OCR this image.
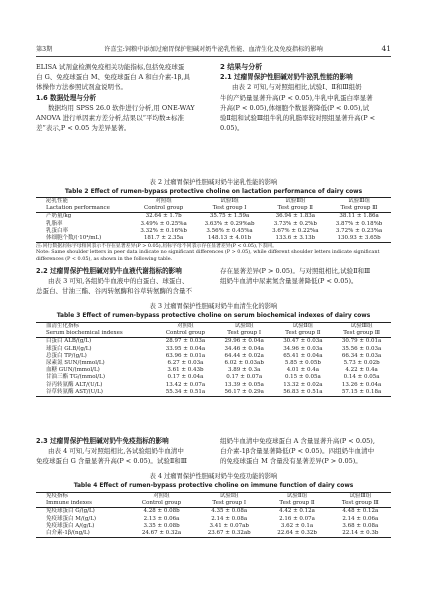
第3期	许喜宝:饲粮中添加过瘤胃保护胆碱对奶牛泌乳性能、血清生化及免疫指标的影响	41

ELISA 试剂盒检测免疫相关功能指标,包括免疫球蛋

白 G、免疫球蛋白 M、免疫球蛋白 A 和白介素-1β,具

体操作方法参照试剂盒说明书。

1.6 数据处理与分析

数据均用 SPSS 26.0 软件进行分析,用 ONE-WAY

ANOVA 进行单因素方差分析,结果以“平均数±标准

差”表示,P < 0.05 为差异显著。

2 结果与分析

2.1 过瘤胃保护性胆碱对奶牛泌乳性能的影响

由表 2 可知,与对照组相比,试验Ⅰ、Ⅱ和Ⅲ组奶

牛的产奶量显著升高(P < 0.05),牛乳中乳蛋白率显著

升高(P < 0.05),体细胞个数显著降低(P < 0.05),试

验Ⅱ组和试验Ⅲ组牛乳的乳脂率较对照组显著升高(P <

0.05)。

表 2 过瘤胃保护性胆碱对奶牛泌乳性能的影响
Table 2 Effect of rumen-bypass protective choline on lactation performance of dairy cows
泌乳性能	对照组	试验Ⅰ组	试验Ⅱ组	试验Ⅲ组
Lactation performance	Control group	Test group Ⅰ	Test group Ⅱ	Test group Ⅲ
产奶量/kg	32.64 ± 1.7b	35.75 ± 1.59a	36.94 ± 1.83a	38.11 ± 1.86a
乳脂率	3.49% ± 0.25%a	3.63% ± 0.29%ab	3.73% ± 0.2%b	3.87% ± 0.18%b
乳蛋白率	3.32% ± 0.16%b	3.56% ± 0.45%a	3.67% ± 0.22%a	3.72% ± 0.23%a
体细胞个数/(·10⁴/mL)	181.7 ± 2.35a	148.13 ± 4.01b	133.6 ± 3.13b	130.93 ± 3.65b
注:同行数据肩标字母相同表示不存在显著差异(P > 0.05),肩标字母不同表示存在显著差异(P < 0.05),下表同。
Note: Same shoulder letters in peer data indicate no significant differences (P > 0.05), while different shoulder letters indicate significant differences (P < 0.05), as shown in the following table.

2.2 过瘤胃保护性胆碱对奶牛血液代谢指标的影响

由表 3 可知,各组奶牛血液中的白蛋白、球蛋白、

总蛋白、甘油三酯、谷丙转氨酶和谷草转氨酶的含量不

存在显著差异(P > 0.05)。与对照组相比,试验Ⅱ和Ⅲ

组奶牛血清中尿素氮含量显著降低(P < 0.05)。

表 3 过瘤胃保护性胆碱对奶牛血清生化的影响
Table 3 Effect of rumen-bypass protective choline on serum biochemical indexes of dairy cows
血清生化指标	对照组	试验Ⅰ组	试验Ⅱ组	试验Ⅲ组
Serum biochemical indexes	Control group	Test group Ⅰ	Test group Ⅱ	Test group Ⅲ
白蛋白 ALB/(g/L)	28.97 ± 0.03a	29.96 ± 0.04a	30.47 ± 0.03a	30.79 ± 0.01a
球蛋白 GLB/(g/L)	33.95 ± 0.04a	34.46 ± 0.04a	34.96 ± 0.03a	35.56 ± 0.03a
总蛋白 TP/(g/L)	63.96 ± 0.01a	64.44 ± 0.02a	65.41 ± 0.04a	66.34 ± 0.03a
尿素氮 SUN/(mmol/L)	6.27 ± 0.03a	6.02 ± 0.03ab	5.85 ± 0.05b	5.73 ± 0.02b
血糖 GUN/(mmol/L)	3.61 ± 0.43b	3.89 ± 0.3a	4.01 ± 0.4a	4.22 ± 0.4a
甘油三酯 TG/(mmol/L)	0.17 ± 0.04a	0.17 ± 0.07a	0.15 ± 0.05a	0.14 ± 0.05a
谷丙转氨酶 ALT/(U/L)	13.42 ± 0.07a	13.39 ± 0.05a	13.32 ± 0.02a	13.26 ± 0.04a
谷草转氨酶 AST/(U/L)	55.34 ± 0.51a	56.17 ± 0.29a	56.83 ± 0.51a	57.15 ± 0.18a

2.3 过瘤胃保护性胆碱对奶牛免疫指标的影响

由表 4 可知,与对照组相比,各试验组奶牛血清中

免疫球蛋白 G 含量显著升高(P < 0.05)。试验Ⅱ和Ⅲ

组奶牛血清中免疫球蛋白 A 含量显著升高(P < 0.05),

白介素-1β含量显著降低(P < 0.05)。四组奶牛血清中

的免疫球蛋白 M 含量没有显著差异(P > 0.05)。

表 4 过瘤胃保护性胆碱对奶牛免疫功能的影响
Table 4 Effect of rumen-bypass protective choline on immune function of dairy cows
免疫指标	对照组	试验Ⅰ组	试验Ⅱ组	试验Ⅲ组
Immune indexes	Control group	Test group Ⅰ	Test group Ⅱ	Test group Ⅲ
免疫球蛋白 G/(g/L)	4.28 ± 0.08b	4.35 ± 0.08a	4.42 ± 0.12a	4.48 ± 0.12a
免疫球蛋白 M/(g/L)	2.13 ± 0.06a	2.14 ± 0.08a	2.16 ± 0.07a	2.14 ± 0.06a
免疫球蛋白 A/(g/L)	3.35 ± 0.08b	3.41 ± 0.07ab	3.62 ± 0.1a	3.68 ± 0.08a
白介素-1β/(ng/L)	24.67 ± 0.32a	23.67 ± 0.32ab	22.64 ± 0.32b	22.14 ± 0.3b
